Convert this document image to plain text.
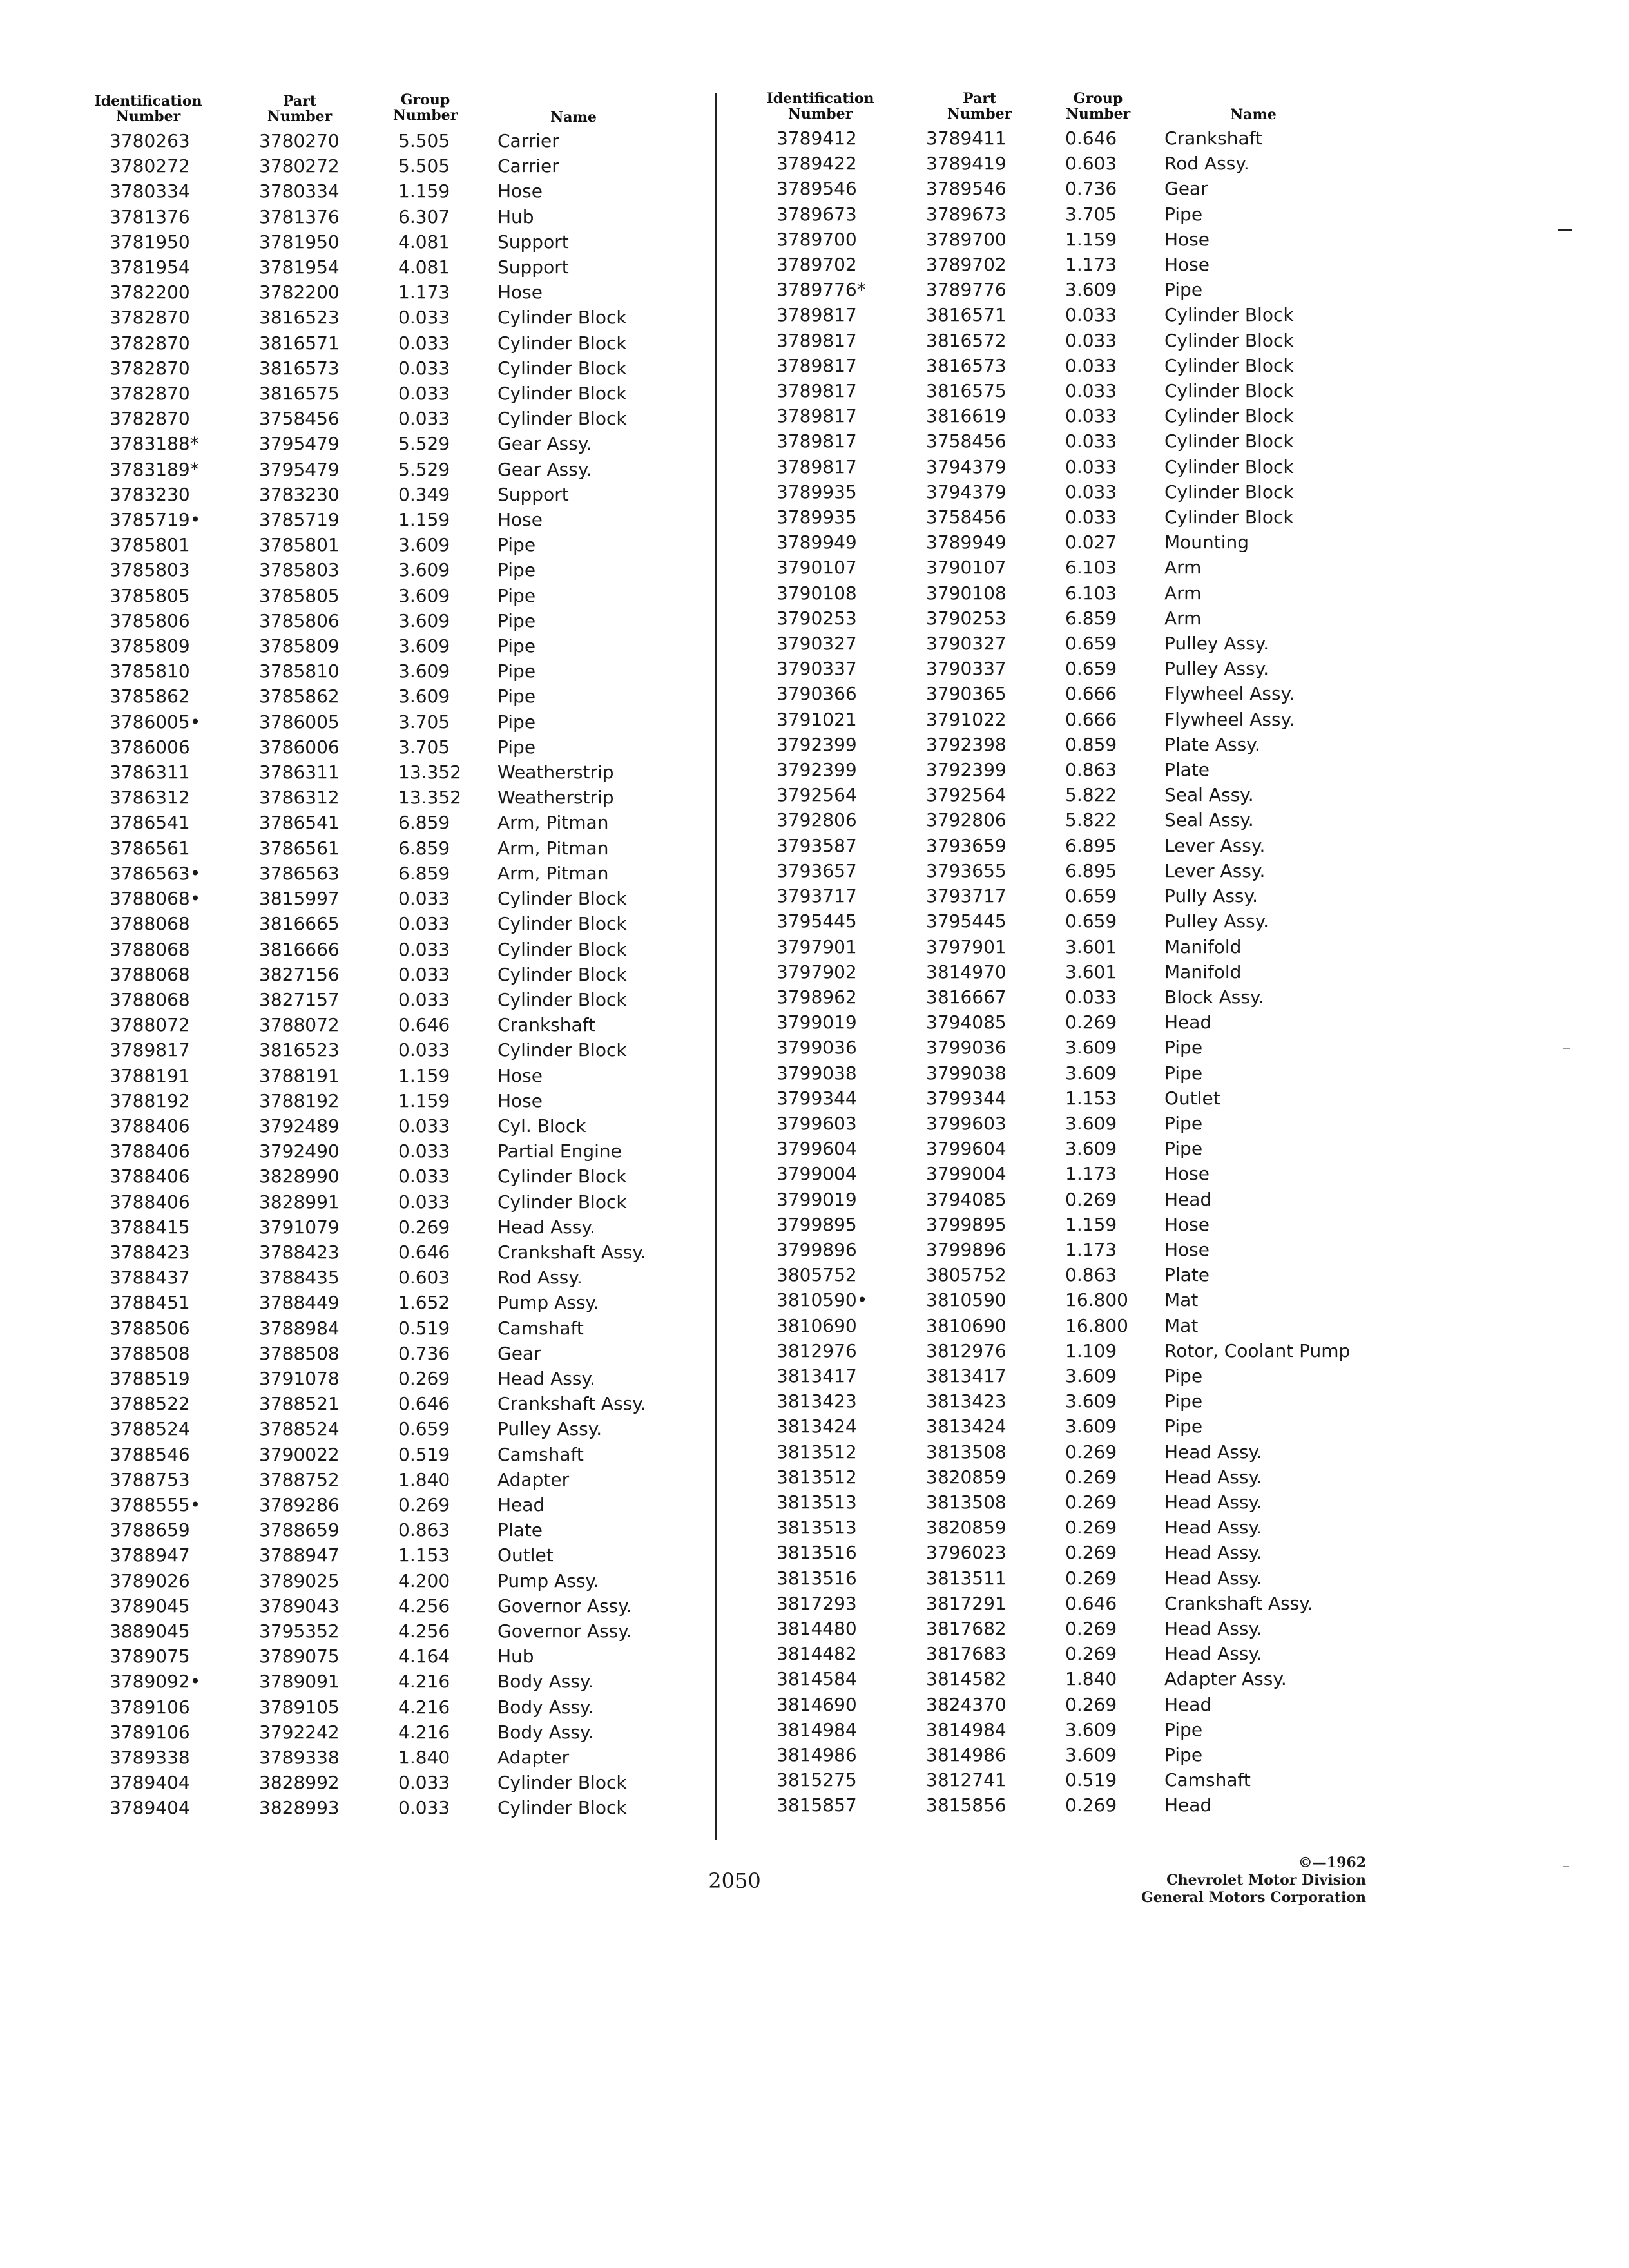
Identification
Number
Part
Number
Group
Number	Name
Identification
Number
Part
Number
Group
Number	Name
3780263	3780270	5.505	Carrier
3780272	3780272	5.505	Carrier
3780334	3780334	1.159	Hose
3781376	3781376	6.307	Hub
3781950	3781950	4.081	Support
3781954	3781954	4.081	Support
3782200	3782200	1.173	Hose
3782870	3816523	0.033	Cylinder Block
3782870	3816571	0.033	Cylinder Block
3782870	3816573	0.033	Cylinder Block
3782870	3816575	0.033	Cylinder Block
3782870	3758456	0.033	Cylinder Block
3783188*	3795479	5.529	Gear Assy.
3783189*	3795479	5.529	Gear Assy.
3783230	3783230	0.349	Support
3785719•	3785719	1.159	Hose
3785801	3785801	3.609	Pipe
3785803	3785803	3.609	Pipe
3785805	3785805	3.609	Pipe
3785806	3785806	3.609	Pipe
3785809	3785809	3.609	Pipe
3785810	3785810	3.609	Pipe
3785862	3785862	3.609	Pipe
3786005•	3786005	3.705	Pipe
3786006	3786006	3.705	Pipe
3786311	3786311	13.352	Weatherstrip
3786312	3786312	13.352	Weatherstrip
3786541	3786541	6.859	Arm, Pitman
3786561	3786561	6.859	Arm, Pitman
3786563•	3786563	6.859	Arm, Pitman
3788068•	3815997	0.033	Cylinder Block
3788068	3816665	0.033	Cylinder Block
3788068	3816666	0.033	Cylinder Block
3788068	3827156	0.033	Cylinder Block
3788068	3827157	0.033	Cylinder Block
3788072	3788072	0.646	Crankshaft
3789817	3816523	0.033	Cylinder Block
3788191	3788191	1.159	Hose
3788192	3788192	1.159	Hose
3788406	3792489	0.033	Cyl. Block
3788406	3792490	0.033	Partial Engine
3788406	3828990	0.033	Cylinder Block
3788406	3828991	0.033	Cylinder Block
3788415	3791079	0.269	Head Assy.
3788423	3788423	0.646	Crankshaft Assy.
3788437	3788435	0.603	Rod Assy.
3788451	3788449	1.652	Pump Assy.
3788506	3788984	0.519	Camshaft
3788508	3788508	0.736	Gear
3788519	3791078	0.269	Head Assy.
3788522	3788521	0.646	Crankshaft Assy.
3788524	3788524	0.659	Pulley Assy.
3788546	3790022	0.519	Camshaft
3788753	3788752	1.840	Adapter
3788555•	3789286	0.269	Head
3788659	3788659	0.863	Plate
3788947	3788947	1.153	Outlet
3789026	3789025	4.200	Pump Assy.
3789045	3789043	4.256	Governor Assy.
3889045	3795352	4.256	Governor Assy.
3789075	3789075	4.164	Hub
3789092•	3789091	4.216	Body Assy.
3789106	3789105	4.216	Body Assy.
3789106	3792242	4.216	Body Assy.
3789338	3789338	1.840	Adapter
3789404	3828992	0.033	Cylinder Block
3789404	3828993	0.033	Cylinder Block
3789412	3789411	0.646	Crankshaft
3789422	3789419	0.603	Rod Assy.
3789546	3789546	0.736	Gear
3789673	3789673	3.705	Pipe
3789700	3789700	1.159	Hose
3789702	3789702	1.173	Hose
3789776*	3789776	3.609	Pipe
3789817	3816571	0.033	Cylinder Block
3789817	3816572	0.033	Cylinder Block
3789817	3816573	0.033	Cylinder Block
3789817	3816575	0.033	Cylinder Block
3789817	3816619	0.033	Cylinder Block
3789817	3758456	0.033	Cylinder Block
3789817	3794379	0.033	Cylinder Block
3789935	3794379	0.033	Cylinder Block
3789935	3758456	0.033	Cylinder Block
3789949	3789949	0.027	Mounting
3790107	3790107	6.103	Arm
3790108	3790108	6.103	Arm
3790253	3790253	6.859	Arm
3790327	3790327	0.659	Pulley Assy.
3790337	3790337	0.659	Pulley Assy.
3790366	3790365	0.666	Flywheel Assy.
3791021	3791022	0.666	Flywheel Assy.
3792399	3792398	0.859	Plate Assy.
3792399	3792399	0.863	Plate
3792564	3792564	5.822	Seal Assy.
3792806	3792806	5.822	Seal Assy.
3793587	3793659	6.895	Lever Assy.
3793657	3793655	6.895	Lever Assy.
3793717	3793717	0.659	Pully Assy.
3795445	3795445	0.659	Pulley Assy.
3797901	3797901	3.601	Manifold
3797902	3814970	3.601	Manifold
3798962	3816667	0.033	Block Assy.
3799019	3794085	0.269	Head
3799036	3799036	3.609	Pipe
3799038	3799038	3.609	Pipe
3799344	3799344	1.153	Outlet
3799603	3799603	3.609	Pipe
3799604	3799604	3.609	Pipe
3799004	3799004	1.173	Hose
3799019	3794085	0.269	Head
3799895	3799895	1.159	Hose
3799896	3799896	1.173	Hose
3805752	3805752	0.863	Plate
3810590•	3810590	16.800	Mat
3810690	3810690	16.800	Mat
3812976	3812976	1.109	Rotor, Coolant Pump
3813417	3813417	3.609	Pipe
3813423	3813423	3.609	Pipe
3813424	3813424	3.609	Pipe
3813512	3813508	0.269	Head Assy.
3813512	3820859	0.269	Head Assy.
3813513	3813508	0.269	Head Assy.
3813513	3820859	0.269	Head Assy.
3813516	3796023	0.269	Head Assy.
3813516	3813511	0.269	Head Assy.
3817293	3817291	0.646	Crankshaft Assy.
3814480	3817682	0.269	Head Assy.
3814482	3817683	0.269	Head Assy.
3814584	3814582	1.840	Adapter Assy.
3814690	3824370	0.269	Head
3814984	3814984	3.609	Pipe
3814986	3814986	3.609	Pipe
3815275	3812741	0.519	Camshaft
3815857	3815856	0.269	Head
2050
©—1962
Chevrolet Motor Division
General Motors Corporation
